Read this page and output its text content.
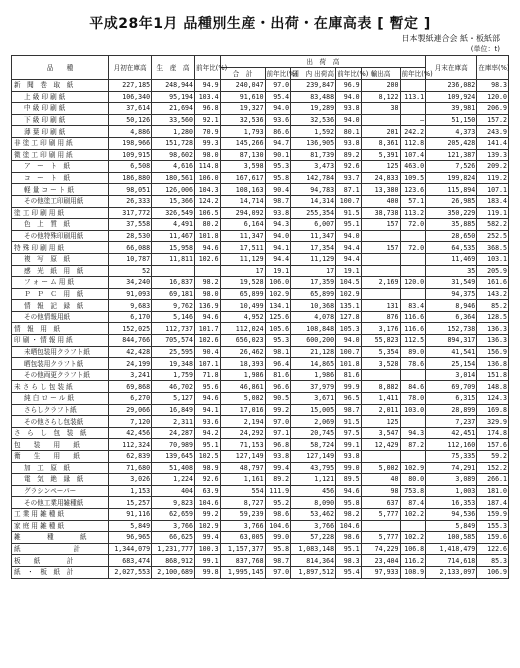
平成28年1月 品種別生産・出荷・在庫高表 [ 暫定 ]
日本製紙連合会 紙・板紙部
(単位：t)
品　　種	月初在庫高	生　産　高	前年比(%)	出　荷　高						月末在庫高	在庫率(%)
				合　計	前年比(%)	国　内 出荷高	前年比(%)	輸出高	前年比(%)		

新　聞　巻　取　紙	227,185	248,944	94.9	240,047	97.0	239,847	96.9	200		236,082	98.3

上 級 印 刷 紙	106,340	95,194	103.4	91,610	95.4	83,488	94.0	8,122	113.1	109,924	120.0

中 級 印 刷 紙	37,614	21,694	96.8	19,327	94.0	19,289	93.8	38		39,981	206.9

下 級 印 刷 紙	50,126	33,560	92.1	32,536	93.6	32,536	94.0		—	51,150	157.2

薄 葉 印 刷 紙	4,886	1,280	70.9	1,793	86.6	1,592	80.1	201	242.2	4,373	243.9

非 塗 工 印 刷 用 紙	198,966	151,728	99.3	145,266	94.7	136,905	93.8	8,361	112.8	205,428	141.4

微 塗 工 印 刷 用 紙	109,915	98,602	98.0	87,130	90.1	81,739	89.2	5,391	107.4	121,387	139.3

ア　ー　ト　紙	6,508	4,616	114.8	3,598	95.3	3,473	92.6	125	463.0	7,526	209.2

コ　ー　ト　紙	186,880	180,561	106.0	167,617	95.8	142,784	93.7	24,833	109.5	199,824	119.2

軽 量 コ ー ト 紙	98,051	126,006	104.3	108,163	90.4	94,783	87.1	13,380	123.6	115,894	107.1

その他塗工印刷用紙	26,333	15,366	124.2	14,714	98.7	14,314	100.7	400	57.1	26,985	183.4

塗 工 印 刷 用 紙	317,772	326,549	106.5	294,092	93.8	255,354	91.5	38,738	113.2	350,229	119.1

色　上　質　紙	37,558	4,491	80.2	6,164	94.3	6,007	95.1	157	72.0	35,885	582.2

その他特殊印刷用紙	28,530	11,467	101.8	11,347	94.0	11,347	94.0			28,650	252.5

特 殊 印 刷 用 紙	66,088	15,958	94.6	17,511	94.1	17,354	94.4	157	72.0	64,535	368.5

複　写　原　紙	10,787	11,811	102.6	11,129	94.4	11,129	94.4			11,469	103.1

感　光　紙　用　紙	52			17	19.1	17	19.1			35	205.9

フ ォ ー ム 用 紙	34,240	16,837	98.2	19,528	106.0	17,359	104.5	2,169	120.0	31,549	161.6

Ｐ　Ｐ　Ｃ　用　紙	91,093	69,181	98.0	65,899	102.9	65,899	102.9			94,375	143.2

情　報　記　録　紙	9,683	9,762	136.9	10,499	134.1	10,368	135.1	131	83.4	8,946	85.2

その他情報用紙	6,170	5,146	94.6	4,952	125.6	4,078	127.8	876	116.6	6,364	128.5

情　報　用　紙	152,025	112,737	101.7	112,024	105.6	108,848	105.3	3,176	116.6	152,738	136.3

印 刷 ・ 情 報 用 紙	844,766	705,574	102.6	656,023	95.3	600,200	94.0	55,823	112.5	894,317	136.3

未晒包装用クラフト紙	42,428	25,595	90.4	26,462	98.1	21,128	100.7	5,354	89.0	41,541	156.9

晒包装用クラフト紙	24,199	19,348	107.1	18,393	96.4	14,865	101.8	3,528	78.6	25,154	136.8

その他両更クラフト紙	3,241	1,759	71.8	1,986	81.6	1,986	81.6			3,014	151.8

未 さ ら し 包 装 紙	69,868	46,702	95.6	46,861	96.6	37,979	99.9	8,882	84.6	69,709	148.8

純 白 ロ ー ル 紙	6,270	5,127	94.6	5,082	90.5	3,671	96.5	1,411	78.0	6,315	124.3

さらしクラフト紙	29,066	16,849	94.1	17,016	99.2	15,005	98.7	2,011	103.0	28,899	169.8

その他さらし包装紙	7,120	2,311	93.6	2,194	97.0	2,069	91.5	125		7,237	329.9

さ　ら　し　包　装　紙	42,456	24,287	94.2	24,292	97.1	20,745	97.5	3,547	94.3	42,451	174.8

包　　装　　用　　紙	112,324	70,989	95.1	71,153	96.8	58,724	99.1	12,429	87.2	112,160	157.6

衛　　生　　用　　紙	62,839	139,645	102.5	127,149	93.8	127,149	93.8			75,335	59.2

加　工　原　紙	71,680	51,408	98.9	48,797	99.4	43,795	99.0	5,002	102.9	74,291	152.2

電　気　絶　縁　紙	3,026	1,224	92.6	1,161	89.2	1,121	89.5	40	80.0	3,089	266.1

グラシンペーパー	1,153	404	63.9	554	111.9	456	94.6	98	753.8	1,003	181.0

その他工業用雑種紙	15,257	9,823	104.6	8,727	95.2	8,090	95.8	637	87.4	16,353	187.4

工 業 用 雑 種 紙	91,116	62,659	99.2	59,239	98.6	53,462	98.2	5,777	102.2	94,536	159.9

家 庭 用 雑 種 紙	5,849	3,766	102.9	3,766	104.6	3,766	104.6			5,849	155.3

雑　　　　種　　　　紙	96,965	66,625	99.4	63,005	99.0	57,228	98.6	5,777	102.2	100,585	159.6

紙　　　　　　　　計	1,344,079	1,231,777	100.3	1,157,377	95.8	1,083,148	95.1	74,229	106.8	1,418,479	122.6

板　　紙　　　　計	683,474	868,912	99.1	837,768	98.7	814,364	98.3	23,404	116.2	714,618	85.3

紙　・　板　紙　計	2,027,553	2,100,689	99.8	1,995,145	97.0	1,897,512	95.4	97,933	108.9	2,133,097	106.9
